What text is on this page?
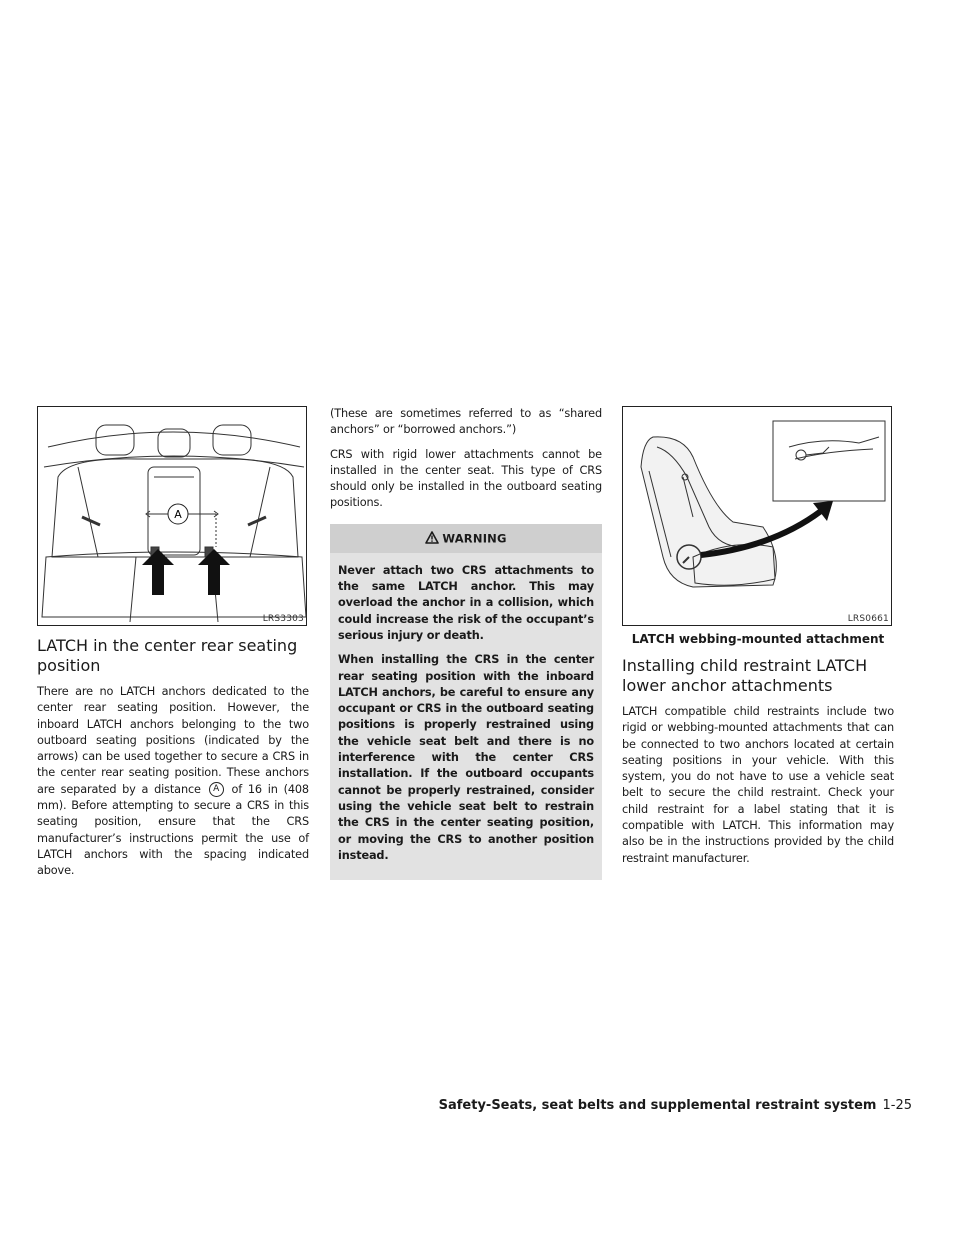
A
LRS3303
LATCH in the center rear seating position

There are no LATCH anchors dedicated to the center rear seating position. However, the inboard LATCH anchors belonging to the two outboard seating positions (indicated by the arrows) can be used together to secure a CRS in the center rear seating position. These anchors are separated by a distance A of 16 in (408 mm). Before attempting to secure a CRS in this seating position, ensure that the CRS manufacturer’s instructions permit the use of LATCH anchors with the spacing indicated above.

(These are sometimes referred to as “shared anchors” or “borrowed anchors.”)

CRS with rigid lower attachments cannot be installed in the center seat. This type of CRS should only be installed in the outboard seating positions.

WARNING

Never attach two CRS attachments to the same LATCH anchor. This may overload the anchor in a collision, which could increase the risk of the occupant’s serious injury or death.

When installing the CRS in the center rear seating position with the inboard LATCH anchors, be careful to ensure any occupant or CRS in the outboard seating positions is properly restrained using the vehicle seat belt and there is no interference with the center CRS installation. If the outboard occupants cannot be properly restrained, consider using the vehicle seat belt to restrain the CRS in the center seating position, or moving the CRS to another position instead.

LRS0661
LATCH webbing-mounted attachment
Installing child restraint LATCH lower anchor attachments

LATCH compatible child restraints include two rigid or webbing-mounted attachments that can be connected to two anchors located at certain seating positions in your vehicle. With this system, you do not have to use a vehicle seat belt to secure the child restraint. Check your child restraint for a label stating that it is compatible with LATCH. This information may also be in the instructions provided by the child restraint manufacturer.

Safety-Seats, seat belts and supplemental restraint system 1-25
